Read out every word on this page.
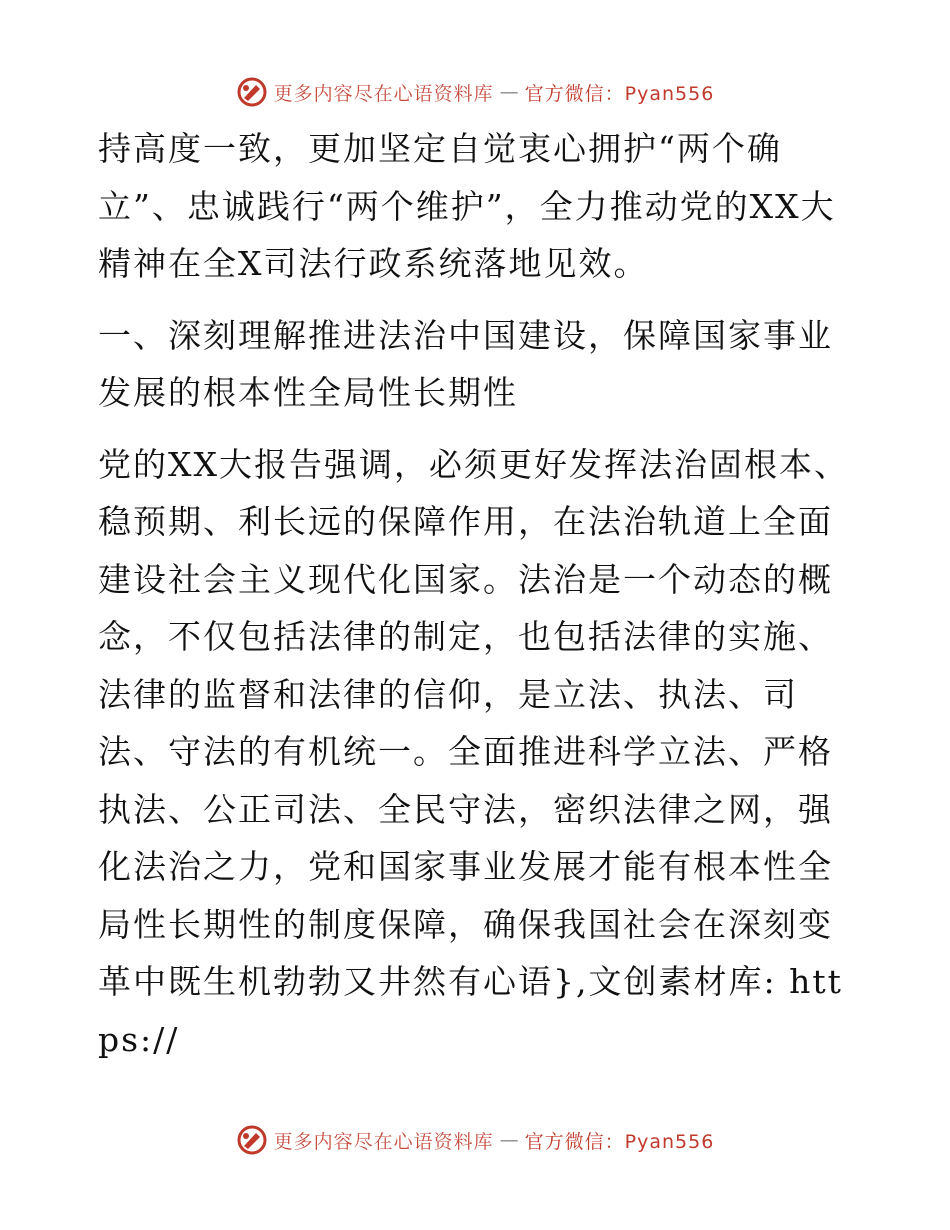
更多内容尽在心语资料库 — 官方微信：Pyan556

持高度一致，更加坚定自觉衷心拥护“两个确立”、忠诚践行“两个维护”，全力推动党的XX大精神在全X司法行政系统落地见效。

一、深刻理解推进法治中国建设，保障国家事业发展的根本性全局性长期性

党的XX大报告强调，必须更好发挥法治固根本、稳预期、利长远的保障作用，在法治轨道上全面建设社会主义现代化国家。法治是一个动态的概念，不仅包括法律的制定，也包括法律的实施、法律的监督和法律的信仰，是立法、执法、司法、守法的有机统一。全面推进科学立法、严格执法、公正司法、全民守法，密织法律之网，强化法治之力，党和国家事业发展才能有根本性全局性长期性的制度保障，确保我国社会在深刻变革中既生机勃勃又井然有心语},文创素材库: https://

更多内容尽在心语资料库 — 官方微信：Pyan556
